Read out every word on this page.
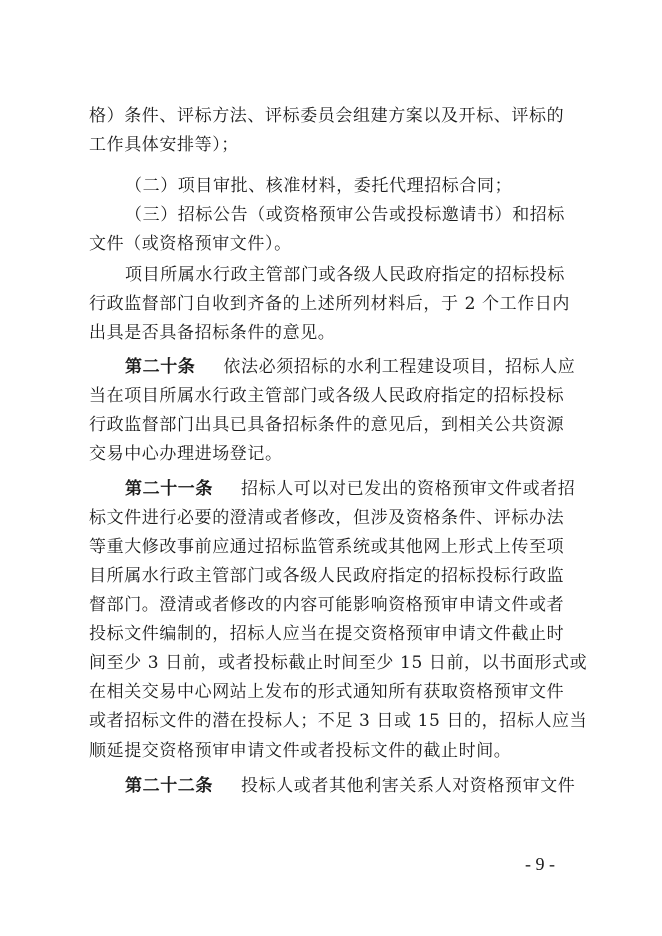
格）条件、评标方法、评标委员会组建方案以及开标、评标的
工作具体安排等）；
（二）项目审批、核准材料，委托代理招标合同；
（三）招标公告（或资格预审公告或投标邀请书）和招标
文件（或资格预审文件）。
项目所属水行政主管部门或各级人民政府指定的招标投标
行政监督部门自收到齐备的上述所列材料后，于 2 个工作日内
出具是否具备招标条件的意见。
第二十条 依法必须招标的水利工程建设项目，招标人应
当在项目所属水行政主管部门或各级人民政府指定的招标投标
行政监督部门出具已具备招标条件的意见后，到相关公共资源
交易中心办理进场登记。
第二十一条 招标人可以对已发出的资格预审文件或者招
标文件进行必要的澄清或者修改，但涉及资格条件、评标办法
等重大修改事前应通过招标监管系统或其他网上形式上传至项
目所属水行政主管部门或各级人民政府指定的招标投标行政监
督部门。澄清或者修改的内容可能影响资格预审申请文件或者
投标文件编制的，招标人应当在提交资格预审申请文件截止时
间至少 3 日前，或者投标截止时间至少 15 日前，以书面形式或
在相关交易中心网站上发布的形式通知所有获取资格预审文件
或者招标文件的潜在投标人；不足 3 日或 15 日的，招标人应当
顺延提交资格预审申请文件或者投标文件的截止时间。
第二十二条 投标人或者其他利害关系人对资格预审文件
- 9 -
